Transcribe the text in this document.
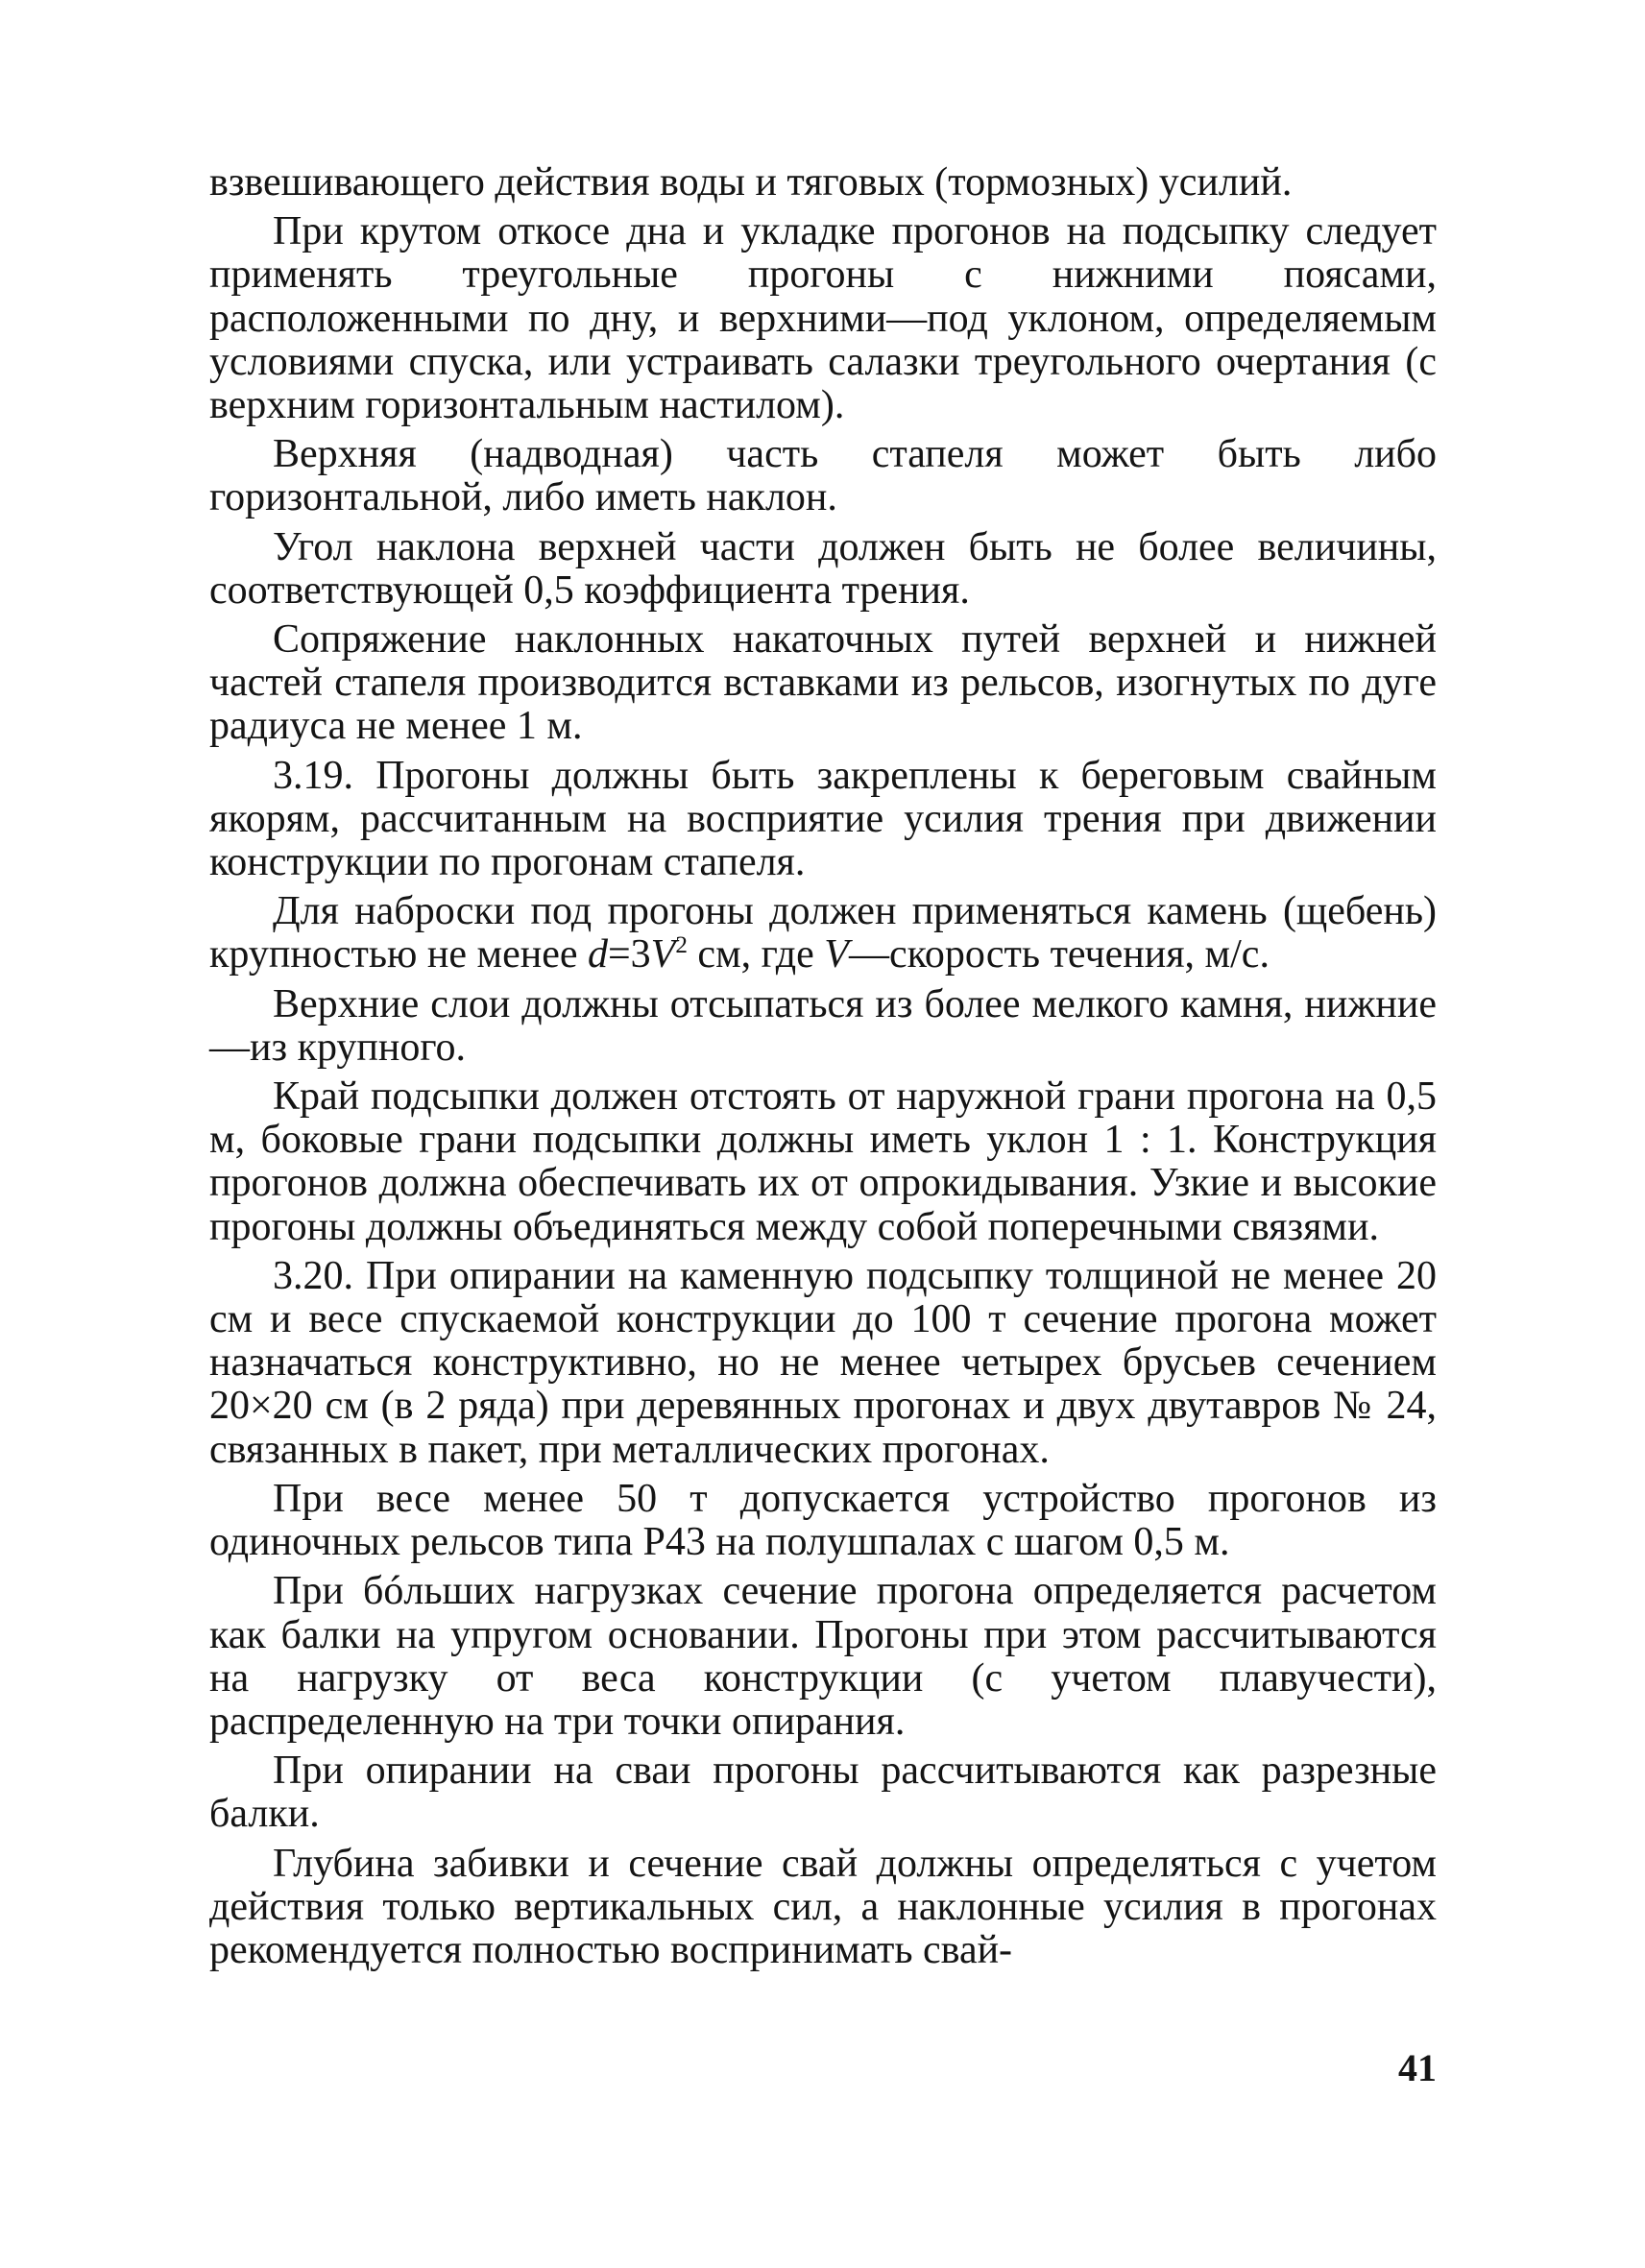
взвешивающего действия воды и тяговых (тормозных) усилий.

При крутом откосе дна и укладке прогонов на подсыпку следует применять треугольные прогоны с нижними поясами, расположенными по дну, и верхними—под уклоном, определяемым условиями спуска, или устраивать салазки треугольного очертания (с верхним горизонтальным настилом).

Верхняя (надводная) часть стапеля может быть либо горизонтальной, либо иметь наклон.

Угол наклона верхней части должен быть не более величины, соответствующей 0,5 коэффициента трения.

Сопряжение наклонных накаточных путей верхней и нижней частей стапеля производится вставками из рельсов, изогнутых по дуге радиуса не менее 1 м.

3.19. Прогоны должны быть закреплены к береговым свайным якорям, рассчитанным на восприятие усилия трения при движении конструкции по прогонам стапеля.

Для наброски под прогоны должен применяться камень (щебень) крупностью не менее $d=3V^2$ см, где V—скорость течения, м/с.

Верхние слои должны отсыпаться из более мелкого камня, нижние—из крупного.

Край подсыпки должен отстоять от наружной грани прогона на 0,5 м, боковые грани подсыпки должны иметь уклон 1 : 1. Конструкция прогонов должна обеспечивать их от опрокидывания. Узкие и высокие прогоны должны объединяться между собой поперечными связями.

3.20. При опирании на каменную подсыпку толщиной не менее 20 см и весе спускаемой конструкции до 100 т сечение прогона может назначаться конструктивно, но не менее четырех брусьев сечением 20×20 см (в 2 ряда) при деревянных прогонах и двух двутавров № 24, связанных в пакет, при металлических прогонах.

При весе менее 50 т допускается устройство прогонов из одиночных рельсов типа Р43 на полушпалах с шагом 0,5 м.

При бóльших нагрузках сечение прогона определяется расчетом как балки на упругом основании. Прогоны при этом рассчитываются на нагрузку от веса конструкции (с учетом плавучести), распределенную на три точки опирания.

При опирании на сваи прогоны рассчитываются как разрезные балки.

Глубина забивки и сечение свай должны определяться с учетом действия только вертикальных сил, а наклонные усилия в прогонах рекомендуется полностью воспринимать свай-

41
